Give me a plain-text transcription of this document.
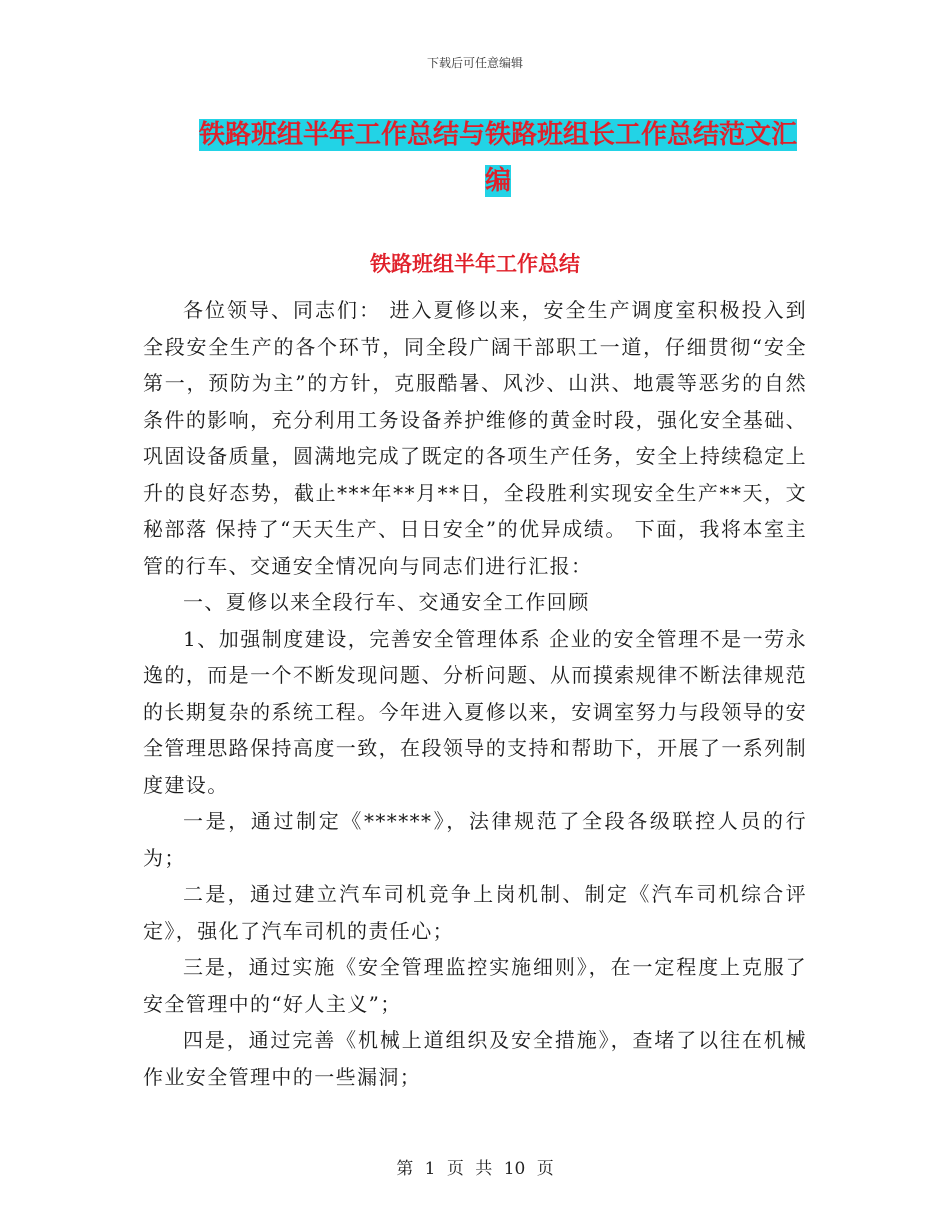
下载后可任意编辑
铁路班组半年工作总结与铁路班组长工作总结范文汇编
铁路班组半年工作总结

各位领导、同志们： 进入夏修以来，安全生产调度室积极投入到全段安全生产的各个环节，同全段广阔干部职工一道，仔细贯彻“安全第一，预防为主”的方针，克服酷暑、风沙、山洪、地震等恶劣的自然条件的影响，充分利用工务设备养护维修的黄金时段，强化安全基础、巩固设备质量，圆满地完成了既定的各项生产任务，安全上持续稳定上升的良好态势，截止***年**月**日，全段胜利实现安全生产**天，文秘部落 保持了“天天生产、日日安全”的优异成绩。 下面，我将本室主管的行车、交通安全情况向与同志们进行汇报：

一、夏修以来全段行车、交通安全工作回顾

1、加强制度建设，完善安全管理体系 企业的安全管理不是一劳永逸的，而是一个不断发现问题、分析问题、从而摸索规律不断法律规范的长期复杂的系统工程。今年进入夏修以来，安调室努力与段领导的安全管理思路保持高度一致，在段领导的支持和帮助下，开展了一系列制度建设。

一是，通过制定《******》，法律规范了全段各级联控人员的行为；

二是，通过建立汽车司机竞争上岗机制、制定《汽车司机综合评定》，强化了汽车司机的责任心；

三是，通过实施《安全管理监控实施细则》，在一定程度上克服了安全管理中的“好人主义”；

四是，通过完善《机械上道组织及安全措施》，查堵了以往在机械作业安全管理中的一些漏洞；

第 1 页 共 10 页
